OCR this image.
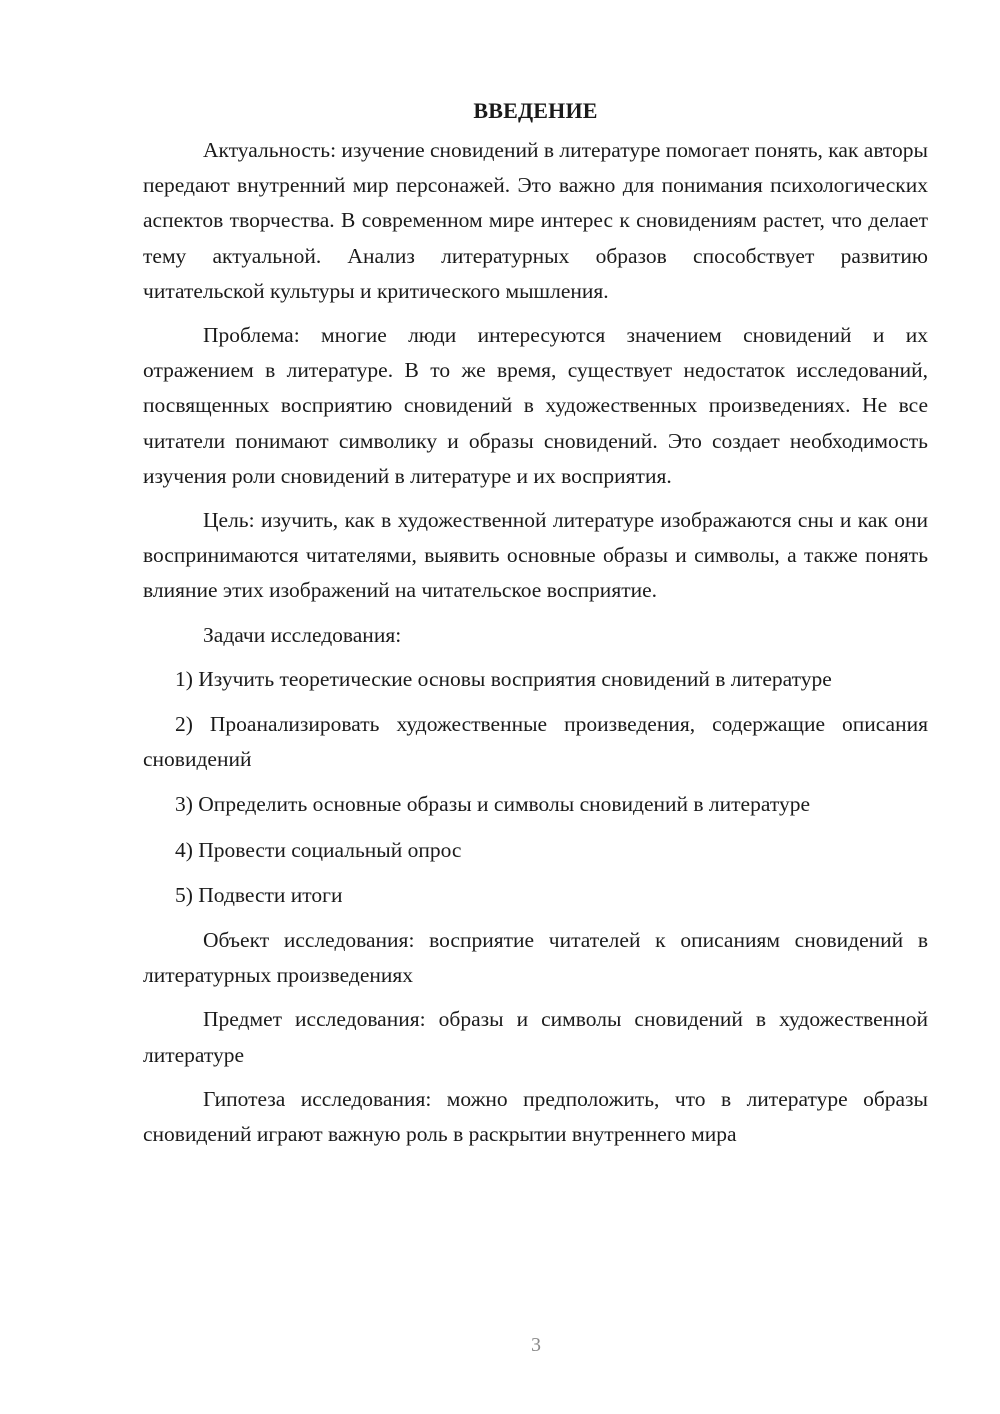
ВВЕДЕНИЕ

Актуальность: изучение сновидений в литературе помогает понять, как авторы передают внутренний мир персонажей. Это важно для понимания психологических аспектов творчества. В современном мире интерес к сновидениям растет, что делает тему актуальной. Анализ литературных образов способствует развитию читательской культуры и критического мышления.

Проблема: многие люди интересуются значением сновидений и их отражением в литературе. В то же время, существует недостаток исследований, посвященных восприятию сновидений в художественных произведениях. Не все читатели понимают символику и образы сновидений. Это создает необходимость изучения роли сновидений в литературе и их восприятия.

Цель: изучить, как в художественной литературе изображаются сны и как они воспринимаются читателями, выявить основные образы и символы, а также понять влияние этих изображений на читательское восприятие.

Задачи исследования:

1) Изучить теоретические основы восприятия сновидений в литературе

2) Проанализировать художественные произведения, содержащие описания сновидений

3) Определить основные образы и символы сновидений в литературе

4) Провести социальный опрос

5) Подвести итоги

Объект исследования: восприятие читателей к описаниям сновидений в литературных произведениях

Предмет исследования: образы и символы сновидений в художественной литературе

Гипотеза исследования: можно предположить, что в литературе образы сновидений играют важную роль в раскрытии внутреннего мира

3
